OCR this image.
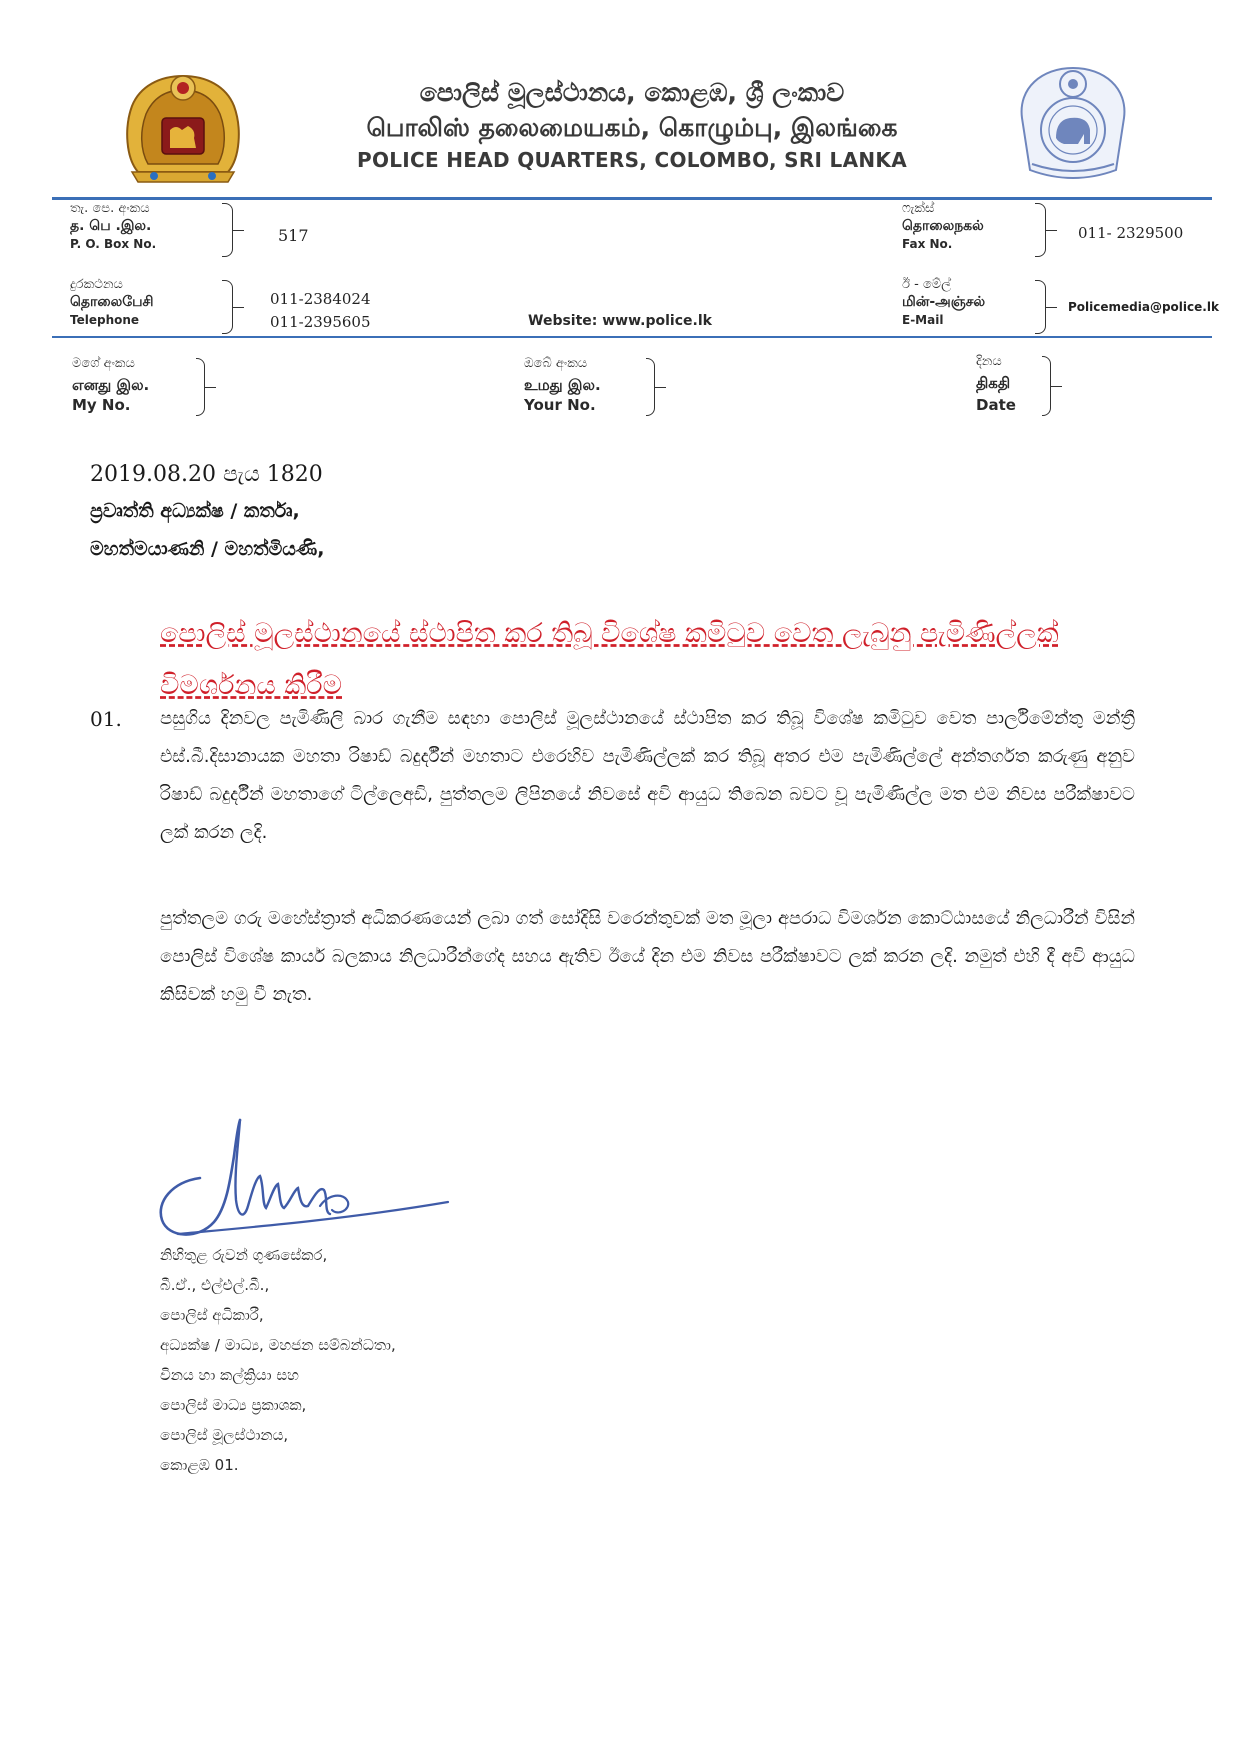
පොලිස් මූලස්ථානය, කොළඹ, ශ්‍රී ලංකාව
பொலிஸ் தலைமையகம், கொழும்பு, இலங்கை
POLICE HEAD QUARTERS, COLOMBO, SRI LANKA
තැ. පෙ. අංකය
த. பெ .இல.
P. O. Box No.	517
ෆැක්ස්
தொலைநகல்
Fax No.
011- 2329500
දුරකථනය
தொலைபேசி
Telephone
011-2384024
011-2395605	Website: www.police.lk
ඊ - මේල්
மின்-அஞ்சல்
E-Mail
Policemedia@police.lk
මගේ අංකය
எனது இல.
My No.
ඔබේ අංකය
உமது இல.
Your No.
දිනය
திகதி
Date
2019.08.20 පැය 1820
ප්‍රවෘත්ති අධ්‍යක්ෂ / කර්තෘ,
මහත්මයාණනි / මහත්මියණි,
පොලිස් මූලස්ථානයේ ස්ථාපිත කර තිබූ විශේෂ කමිටුව වෙත ලැබුනු පැමිණිල්ලක් විමර්ශනය කිරීම
01. පසුගිය දිනවල පැමිණිලි බාර ගැනීම සඳහා පොලිස් මූලස්ථානයේ ස්ථාපිත කර තිබූ විශේෂ කමිටුව වෙත පාර්ලිමේන්තු මන්ත්‍රී එස්.බී.දිසානායක මහතා රිෂාඩ් බදුර්දීන් මහතාට එරෙහිව පැමිණිල්ලක් කර තිබූ අතර එම පැමිණිල්ලේ අන්තර්ගත කරුණු අනුව රිෂාඩ් බදුර්දීන් මහතාගේ ටිල්ලෙඅඩි, පුත්තලම ලිපිනයේ නිවසේ අවි ආයුධ තිබෙන බවට වූ පැමිණිල්ල මත එම නිවස පරීක්ෂාවට ලක් කරන ලදි.
පුත්තලම ගරු මහේස්ත්‍රාත් අධිකරණයෙන් ලබා ගත් සෝදිසි වරෙන්තුවක් මත මූලා අපරාධ විමර්ශන කොට්ඨාසයේ නිලධාරීන් විසින් පොලිස් විශේෂ කාර්ය බලකාය නිලධාරීන්ගේද සහය ඇතිව ඊයේ දින එම නිවස පරීක්ෂාවට ලක් කරන ලදි. නමුත් එහි දී අවි ආයුධ කිසිවක් හමු වී නැත.
නිහිතුළ රුවන් ගුණසේකර,
බී.ඒ., එල්එල්.බී.,
පොලිස් අධිකාරී,
අධ්‍යක්ෂ / මාධ්‍ය, මහජන සම්බන්ධතා,
විනය හා කල්ක්‍රියා සහ
පොලිස් මාධ්‍ය ප්‍රකාශක,
පොලිස් මූලස්ථානය,
කොළඹ 01.
